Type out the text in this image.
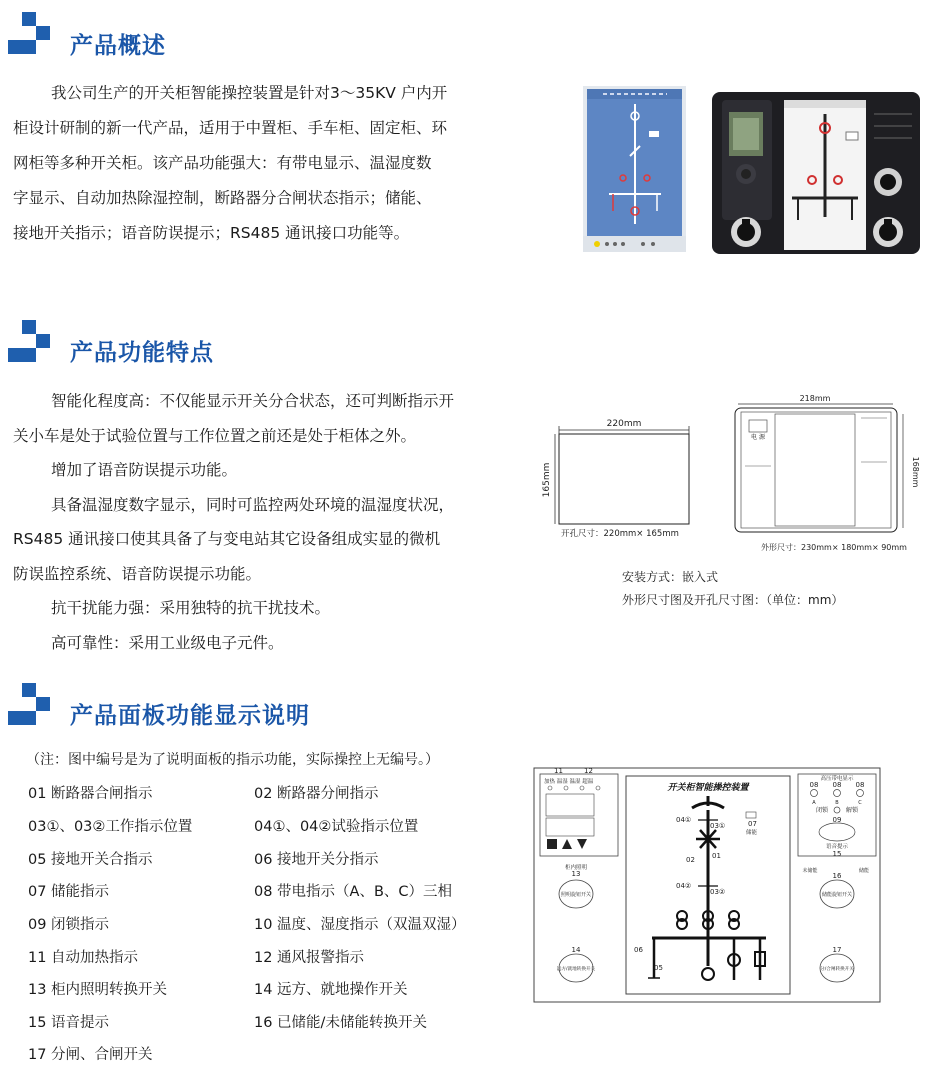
产品概述

我公司生产的开关柜智能操控装置是针对3～35KV 户内开

柜设计研制的新一代产品，适用于中置柜、手车柜、固定柜、环

网柜等多种开关柜。该产品功能强大：有带电显示、温湿度数

字显示、自动加热除湿控制，断路器分合闸状态指示；储能、

接地开关指示；语音防误提示；RS485 通讯接口功能等。

产品功能特点

智能化程度高：不仅能显示开关分合状态，还可判断指示开

关小车是处于试验位置与工作位置之前还是处于柜体之外。

增加了语音防误提示功能。

具备温湿度数字显示，同时可监控两处环境的温湿度状况，

RS485 通讯接口使其具备了与变电站其它设备组成实显的微机

防误监控系统、语音防误提示功能。

抗干扰能力强：采用独特的抗干扰技术。

高可靠性：采用工业级电子元件。

220mm
165mm
开孔尺寸：220mm× 165mm
218mm
电 源
168mm
外形尺寸：230mm× 180mm× 90mm
安装方式：嵌入式
外形尺寸图及开孔尺寸图：（单位：mm）
产品面板功能显示说明
（注：图中编号是为了说明面板的指示功能，实际操控上无编号。）
01 断路器合闸指示	02 断路器分闸指示
03①、03②工作指示位置	04①、04②试验指示位置
05 接地开关合指示	06 接地开关分指示
07 储能指示	08 带电指示（A、B、C）三相
09 闭锁指示	10 温度、湿度指示（双温双湿）
11 自动加热指示	12 通风报警指示
13 柜内照明转换开关	14 远方、就地操作开关
15 语音提示	16 已储能/未储能转换开关
17 分闸、合闸开关
11	12
加热 温湿 温湿 超温
13
柜内照明
照明旋钮开关
14
远方/就地转换开关
开关柜智能操控装置
04①
03①	07
储能
02 01
04②
03②
06
05
高压带电显示
08 08 08
A	B	C
闭锁	解锁
09
语音提示
15
16
未储能	储能
储能旋钮开关
17
分/合闸转换开关
